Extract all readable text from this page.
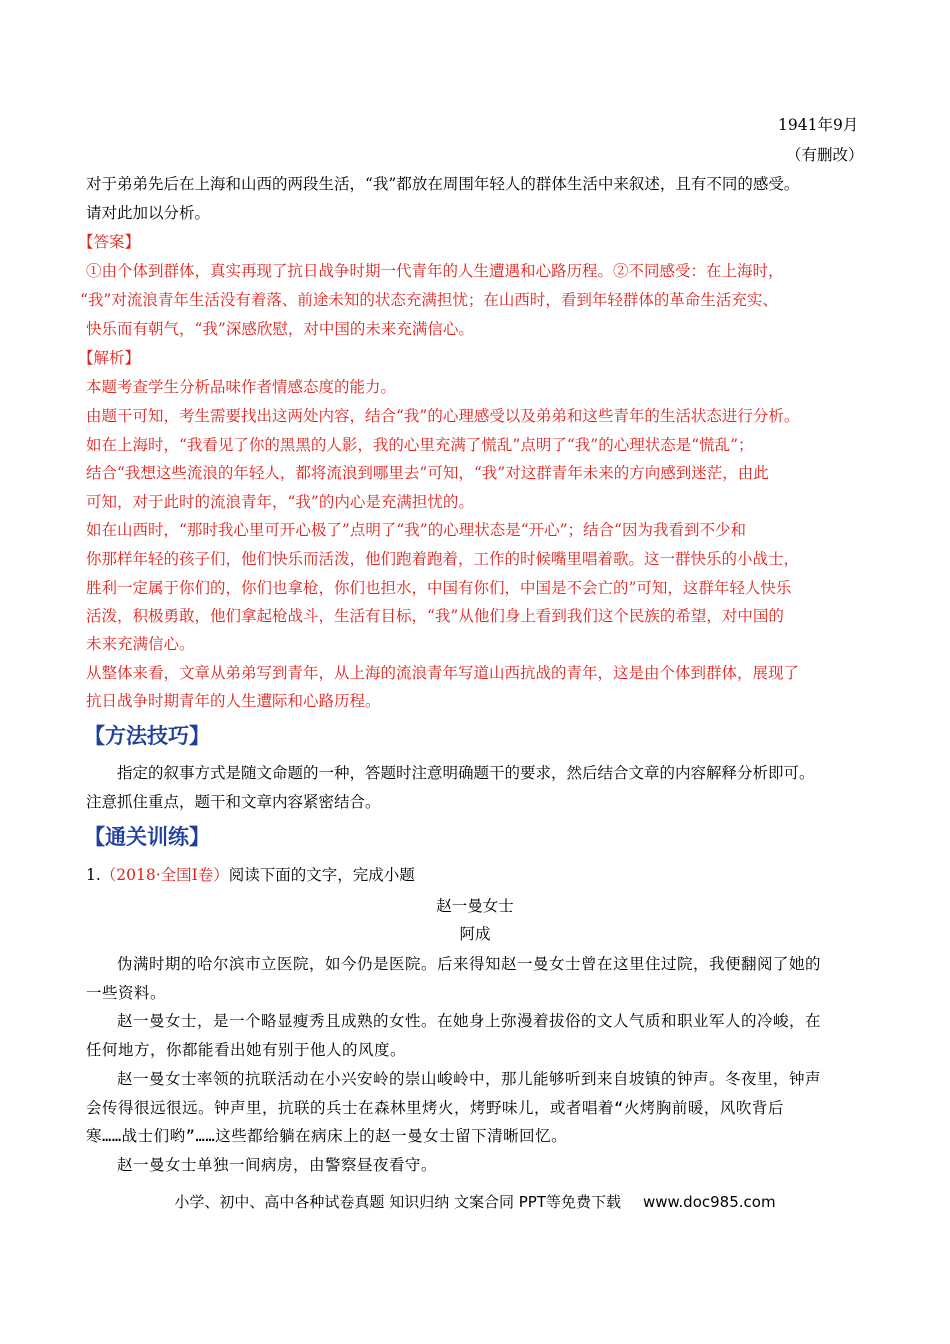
1941年9月
（有删改）
对于弟弟先后在上海和山西的两段生活，“我”都放在周围年轻人的群体生活中来叙述，且有不同的感受。
请对此加以分析。
【答案】
①由个体到群体，真实再现了抗日战争时期一代青年的人生遭遇和心路历程。②不同感受：在上海时，
“我”对流浪青年生活没有着落、前途未知的状态充满担忧；在山西时，看到年轻群体的革命生活充实、
快乐而有朝气，“我”深感欣慰，对中国的未来充满信心。
【解析】
本题考查学生分析品味作者情感态度的能力。
由题干可知，考生需要找出这两处内容，结合“我”的心理感受以及弟弟和这些青年的生活状态进行分析。
如在上海时，“我看见了你的黑黑的人影，我的心里充满了慌乱”点明了“我”的心理状态是“慌乱”；
结合“我想这些流浪的年轻人，都将流浪到哪里去”可知，“我”对这群青年未来的方向感到迷茫，由此
可知，对于此时的流浪青年，“我”的内心是充满担忧的。
如在山西时，“那时我心里可开心极了”点明了“我”的心理状态是“开心”；结合“因为我看到不少和
你那样年轻的孩子们，他们快乐而活泼，他们跑着跑着，工作的时候嘴里唱着歌。这一群快乐的小战士，
胜利一定属于你们的，你们也拿枪，你们也担水，中国有你们，中国是不会亡的”可知，这群年轻人快乐
活泼，积极勇敢，他们拿起枪战斗，生活有目标，“我”从他们身上看到我们这个民族的希望，对中国的
未来充满信心。
从整体来看，文章从弟弟写到青年，从上海的流浪青年写道山西抗战的青年，这是由个体到群体，展现了
抗日战争时期青年的人生遭际和心路历程。
【方法技巧】
指定的叙事方式是随文命题的一种，答题时注意明确题干的要求，然后结合文章的内容解释分析即可。
注意抓住重点，题干和文章内容紧密结合。
【通关训练】
1.（2018·全国I卷）阅读下面的文字，完成小题
赵一曼女士
阿成
伪满时期的哈尔滨市立医院，如今仍是医院。后来得知赵一曼女士曾在这里住过院，我便翻阅了她的
一些资料。
赵一曼女士，是一个略显瘦秀且成熟的女性。在她身上弥漫着拔俗的文人气质和职业军人的冷峻，在
任何地方，你都能看出她有别于他人的风度。
赵一曼女士率领的抗联活动在小兴安岭的崇山峻岭中，那儿能够听到来自坡镇的钟声。冬夜里，钟声
会传得很远很远。钟声里，抗联的兵士在森林里烤火，烤野味儿，或者唱着“火烤胸前暖，风吹背后
寒……战士们哟”……这些都给躺在病床上的赵一曼女士留下清晰回忆。
赵一曼女士单独一间病房，由警察昼夜看守。
小学、初中、高中各种试卷真题 知识归纳 文案合同 PPT等免费下载 www.doc985.com
